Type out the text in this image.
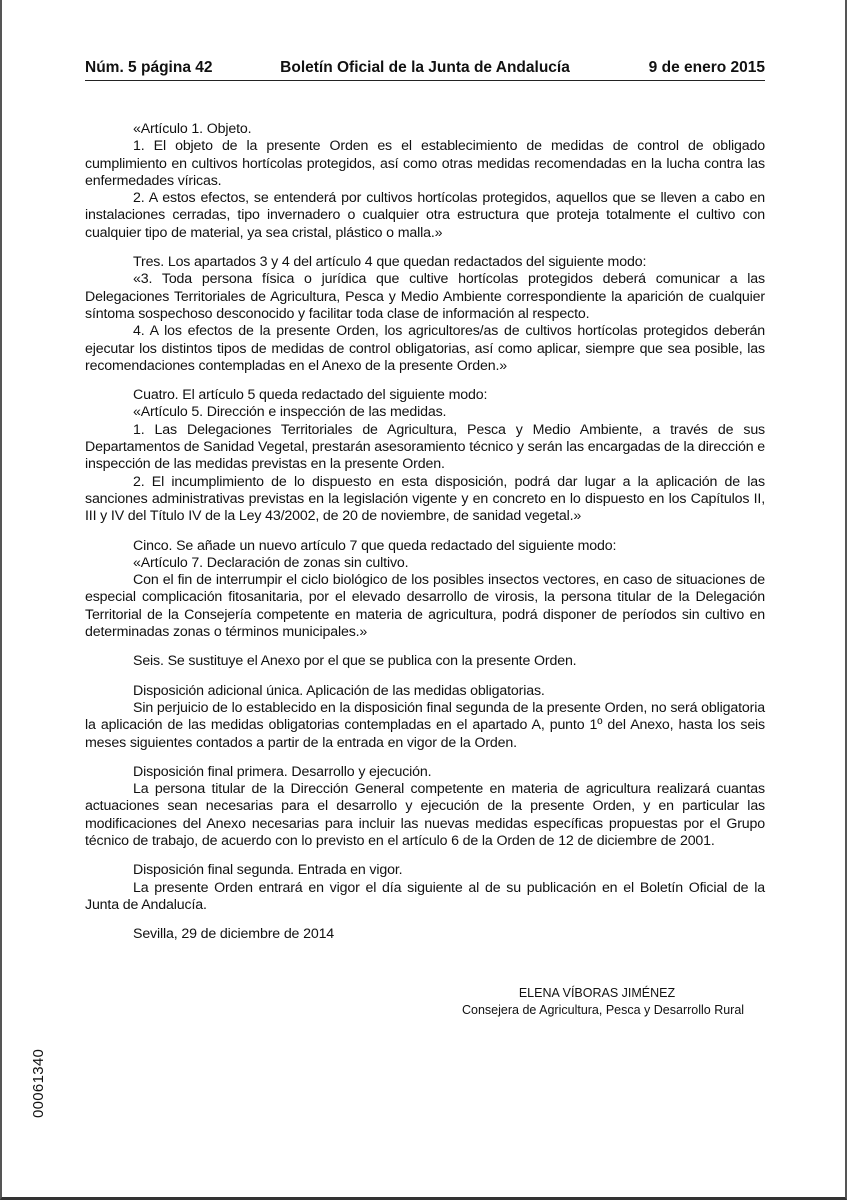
Núm. 5 página 42	Boletín Oficial de la Junta de Andalucía	9 de enero 2015

«Artículo 1. Objeto.

1. El objeto de la presente Orden es el establecimiento de medidas de control de obligado cumplimiento en cultivos hortícolas protegidos, así como otras medidas recomendadas en la lucha contra las enfermedades víricas.

2. A estos efectos, se entenderá por cultivos hortícolas protegidos, aquellos que se lleven a cabo en instalaciones cerradas, tipo invernadero o cualquier otra estructura que proteja totalmente el cultivo con cualquier tipo de material, ya sea cristal, plástico o malla.»

Tres. Los apartados 3 y 4 del artículo 4 que quedan redactados del siguiente modo:

«3. Toda persona física o jurídica que cultive hortícolas protegidos deberá comunicar a las Delegaciones Territoriales de Agricultura, Pesca y Medio Ambiente correspondiente la aparición de cualquier síntoma sospechoso desconocido y facilitar toda clase de información al respecto.

4. A los efectos de la presente Orden, los agricultores/as de cultivos hortícolas protegidos deberán ejecutar los distintos tipos de medidas de control obligatorias, así como aplicar, siempre que sea posible, las recomendaciones contempladas en el Anexo de la presente Orden.»

Cuatro. El artículo 5 queda redactado del siguiente modo:

«Artículo 5. Dirección e inspección de las medidas.

1. Las Delegaciones Territoriales de Agricultura, Pesca y Medio Ambiente, a través de sus Departamentos de Sanidad Vegetal, prestarán asesoramiento técnico y serán las encargadas de la dirección e inspección de las medidas previstas en la presente Orden.

2. El incumplimiento de lo dispuesto en esta disposición, podrá dar lugar a la aplicación de las sanciones administrativas previstas en la legislación vigente y en concreto en lo dispuesto en los Capítulos II, III y IV del Título IV de la Ley 43/2002, de 20 de noviembre, de sanidad vegetal.»

Cinco. Se añade un nuevo artículo 7 que queda redactado del siguiente modo:

«Artículo 7. Declaración de zonas sin cultivo.

Con el fin de interrumpir el ciclo biológico de los posibles insectos vectores, en caso de situaciones de especial complicación fitosanitaria, por el elevado desarrollo de virosis, la persona titular de la Delegación Territorial de la Consejería competente en materia de agricultura, podrá disponer de períodos sin cultivo en determinadas zonas o términos municipales.»

Seis. Se sustituye el Anexo por el que se publica con la presente Orden.

Disposición adicional única. Aplicación de las medidas obligatorias.

Sin perjuicio de lo establecido en la disposición final segunda de la presente Orden, no será obligatoria la aplicación de las medidas obligatorias contempladas en el apartado A, punto 1º del Anexo, hasta los seis meses siguientes contados a partir de la entrada en vigor de la Orden.

Disposición final primera. Desarrollo y ejecución.

La persona titular de la Dirección General competente en materia de agricultura realizará cuantas actuaciones sean necesarias para el desarrollo y ejecución de la presente Orden, y en particular las modificaciones del Anexo necesarias para incluir las nuevas medidas específicas propuestas por el Grupo técnico de trabajo, de acuerdo con lo previsto en el artículo 6 de la Orden de 12 de diciembre de 2001.

Disposición final segunda. Entrada en vigor.

La presente Orden entrará en vigor el día siguiente al de su publicación en el Boletín Oficial de la Junta de Andalucía.

Sevilla, 29 de diciembre de 2014

ELENA VÍBORAS JIMÉNEZ
Consejera de Agricultura, Pesca y Desarrollo Rural
00061340
